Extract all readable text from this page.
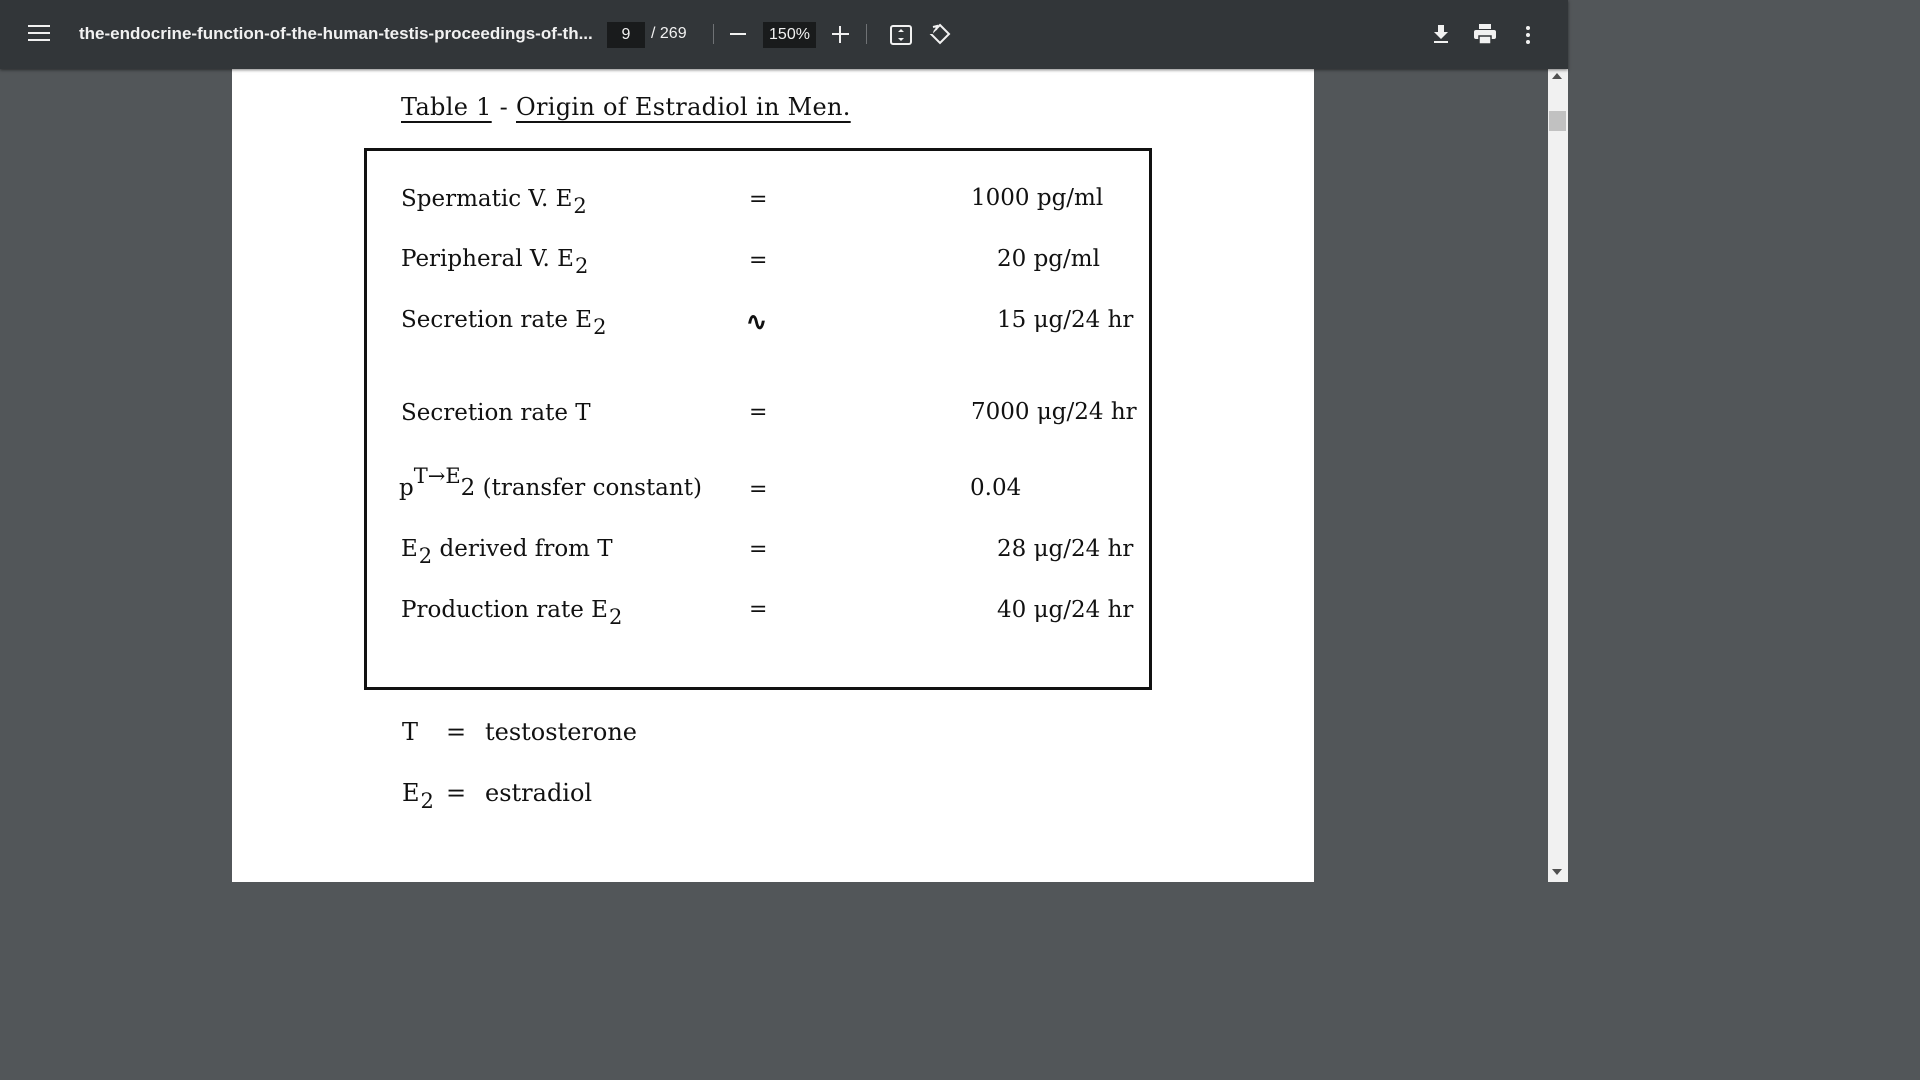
the-endocrine-function-of-the-human-testis-proceedings-of-th...	9	/ 269	150%
Table 1 - Origin of Estradiol in Men.
Spermatic V. $E_2$	=	1000 pg/ml
Peripheral V. $E_2$	=	20 pg/ml
Secretion rate $E_2$	∿	15 μg/24 hr
Secretion rate T	=	7000 μg/24 hr
$p^{T\to E}2$ (transfer constant) =	0.04
$E_2$ derived from T	=	28 μg/24 hr
Production rate $E_2$	=	40 μg/24 hr
T = testosterone
$E_2$ = estradiol
